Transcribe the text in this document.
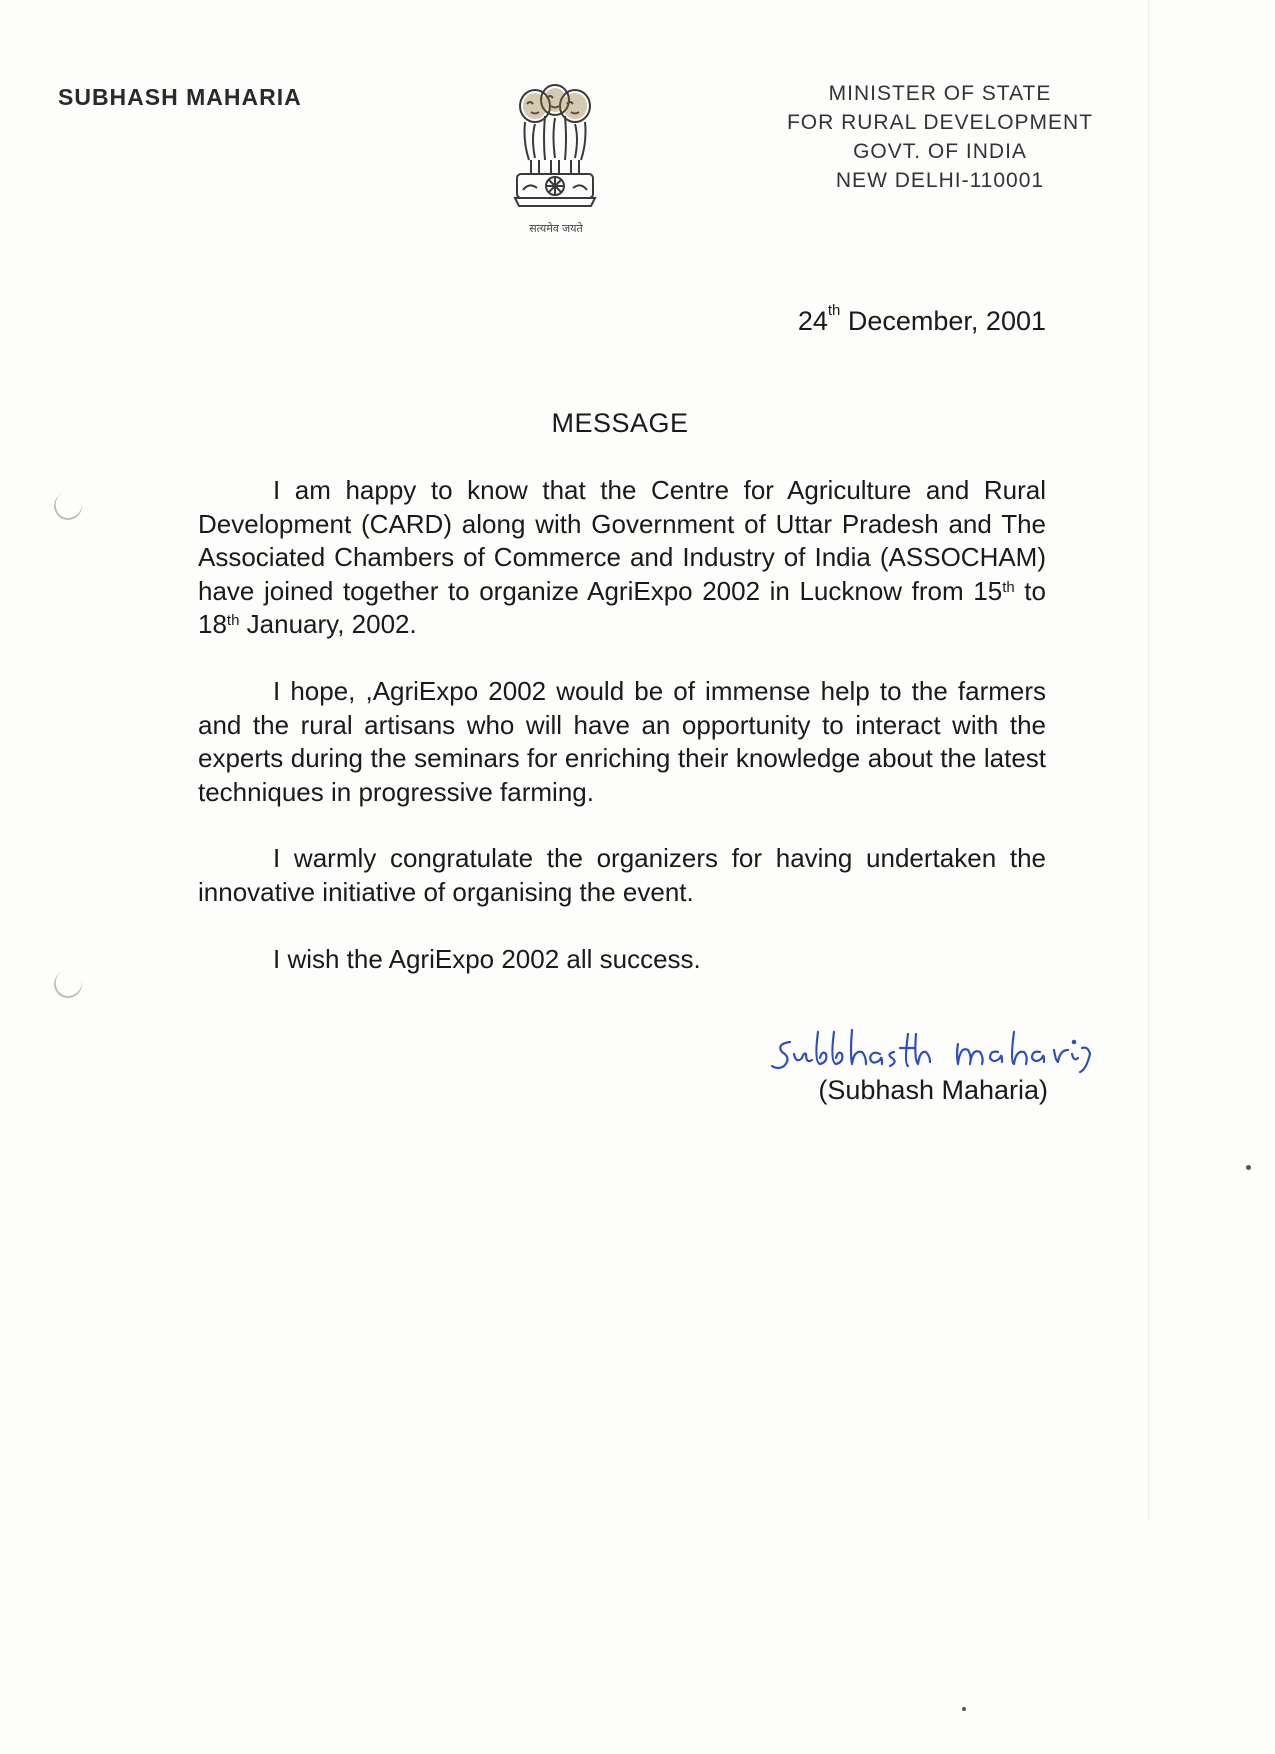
SUBHASH MAHARIA
सत्यमेव जयते
MINISTER OF STATE
FOR RURAL DEVELOPMENT
GOVT. OF INDIA
NEW DELHI-110001
24th December, 2001
MESSAGE
I am happy to know that the Centre for Agriculture and Rural Development (CARD) along with Government of Uttar Pradesh and The Associated Chambers of Commerce and Industry of India (ASSOCHAM) have joined together to organize AgriExpo 2002 in Lucknow from 15th to 18th January, 2002.
I hope, ,AgriExpo 2002 would be of immense help to the farmers and the rural artisans who will have an opportunity to interact with the experts during the seminars for enriching their knowledge about the latest techniques in progressive farming.
I warmly congratulate the organizers for having undertaken the innovative initiative of organising the event.
I wish the AgriExpo 2002 all success.
(Subhash Maharia)
